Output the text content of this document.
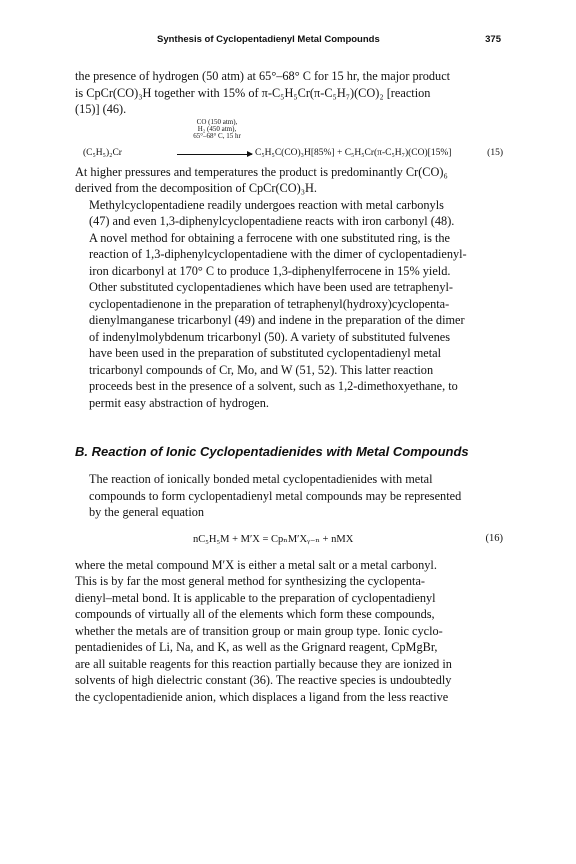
Synthesis of Cyclopentadienyl Metal Compounds	375

the presence of hydrogen (50 atm) at 65°–68° C for 15 hr, the major product
is CpCr(CO)₃H together with 15% of π-C₅H₅Cr(π-C₅H₇)(CO)₂ [reaction
(15)] (46).

CO (150 atm),
H₂ (450 atm),
65°–68° C, 15 hr
(C₅H₅)₂Cr	C₅H₅C(CO)₃H[85%] + C₅H₅Cr(π-C₅H₇)(CO)[15%]	(15)

At higher pressures and temperatures the product is predominantly Cr(CO)₆
derived from the decomposition of CpCr(CO)₃H.

Methylcyclopentadiene readily undergoes reaction with metal carbonyls
(47) and even 1,3-diphenylcyclopentadiene reacts with iron carbonyl (48).
A novel method for obtaining a ferrocene with one substituted ring, is the
reaction of 1,3-diphenylcyclopentadiene with the dimer of cyclopentadienyl-
iron dicarbonyl at 170° C to produce 1,3-diphenylferrocene in 15% yield.
Other substituted cyclopentadienes which have been used are tetraphenyl-
cyclopentadienone in the preparation of tetraphenyl(hydroxy)cyclopenta-
dienylmanganese tricarbonyl (49) and indene in the preparation of the dimer
of indenylmolybdenum tricarbonyl (50). A variety of substituted fulvenes
have been used in the preparation of substituted cyclopentadienyl metal
tricarbonyl compounds of Cr, Mo, and W (51, 52). This latter reaction
proceeds best in the presence of a solvent, such as 1,2-dimethoxyethane, to
permit easy abstraction of hydrogen.

B. Reaction of Ionic Cyclopentadienides with Metal Compounds

The reaction of ionically bonded metal cyclopentadienides with metal
compounds to form cyclopentadienyl metal compounds may be represented
by the general equation

nC₅H₅M + M′X = CpₙM′Xᵧ₋ₙ + nMX	(16)

where the metal compound M′X is either a metal salt or a metal carbonyl.
This is by far the most general method for synthesizing the cyclopenta-
dienyl–metal bond. It is applicable to the preparation of cyclopentadienyl
compounds of virtually all of the elements which form these compounds,
whether the metals are of transition group or main group type. Ionic cyclo-
pentadienides of Li, Na, and K, as well as the Grignard reagent, CpMgBr,
are all suitable reagents for this reaction partially because they are ionized in
solvents of high dielectric constant (36). The reactive species is undoubtedly
the cyclopentadienide anion, which displaces a ligand from the less reactive
